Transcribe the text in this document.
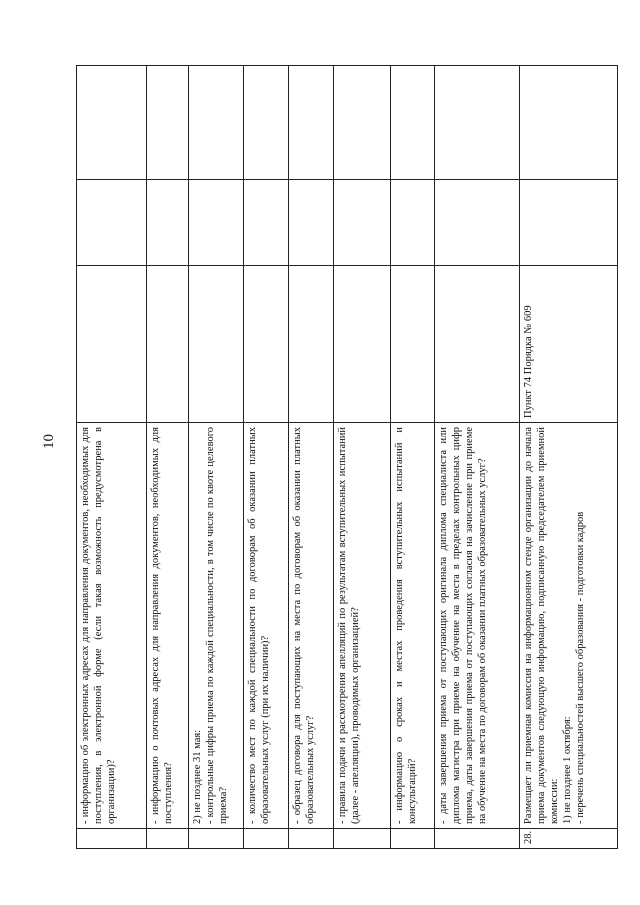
10

	- информацию об электронных адресах для направления документов, необходимых для поступления, в электронной форме (если такая возможность предусмотрена в организации)?			

	- информацию о почтовых адресах для направления документов, необходимых для поступления?			

	2) не позднее 31 мая: - контрольные цифры приема по каждой специальности, в том числе по квоте целевого приема?			

	- количество мест по каждой специальности по договорам об оказании платных образовательных услуг (при их наличии)?			

	- образец договора для поступающих на места по договорам об оказании платных образовательных услуг?			

	- правила подачи и рассмотрения апелляций по результатам вступительных испытаний (далее - апелляции), проводимых организацией?			

	- информацию о сроках и местах проведения вступительных испытаний и консультаций?			

	- даты завершения приема от поступающих оригинала диплома специалиста или диплома магистра при приеме на обучение на места в пределах контрольных цифр приема, даты завершения приема от поступающих согласия на зачисление при приеме на обучение на места по договорам об оказании платных образовательных услуг?			

28.	Размещает ли приемная комиссия на информационном стенде организации до начала приема документов следующую информацию, подписанную председателем приемной комиссии: 1) не позднее 1 октября: - перечень специальностей высшего образования - подготовки кадров	Пункт 74 Порядка № 609		
